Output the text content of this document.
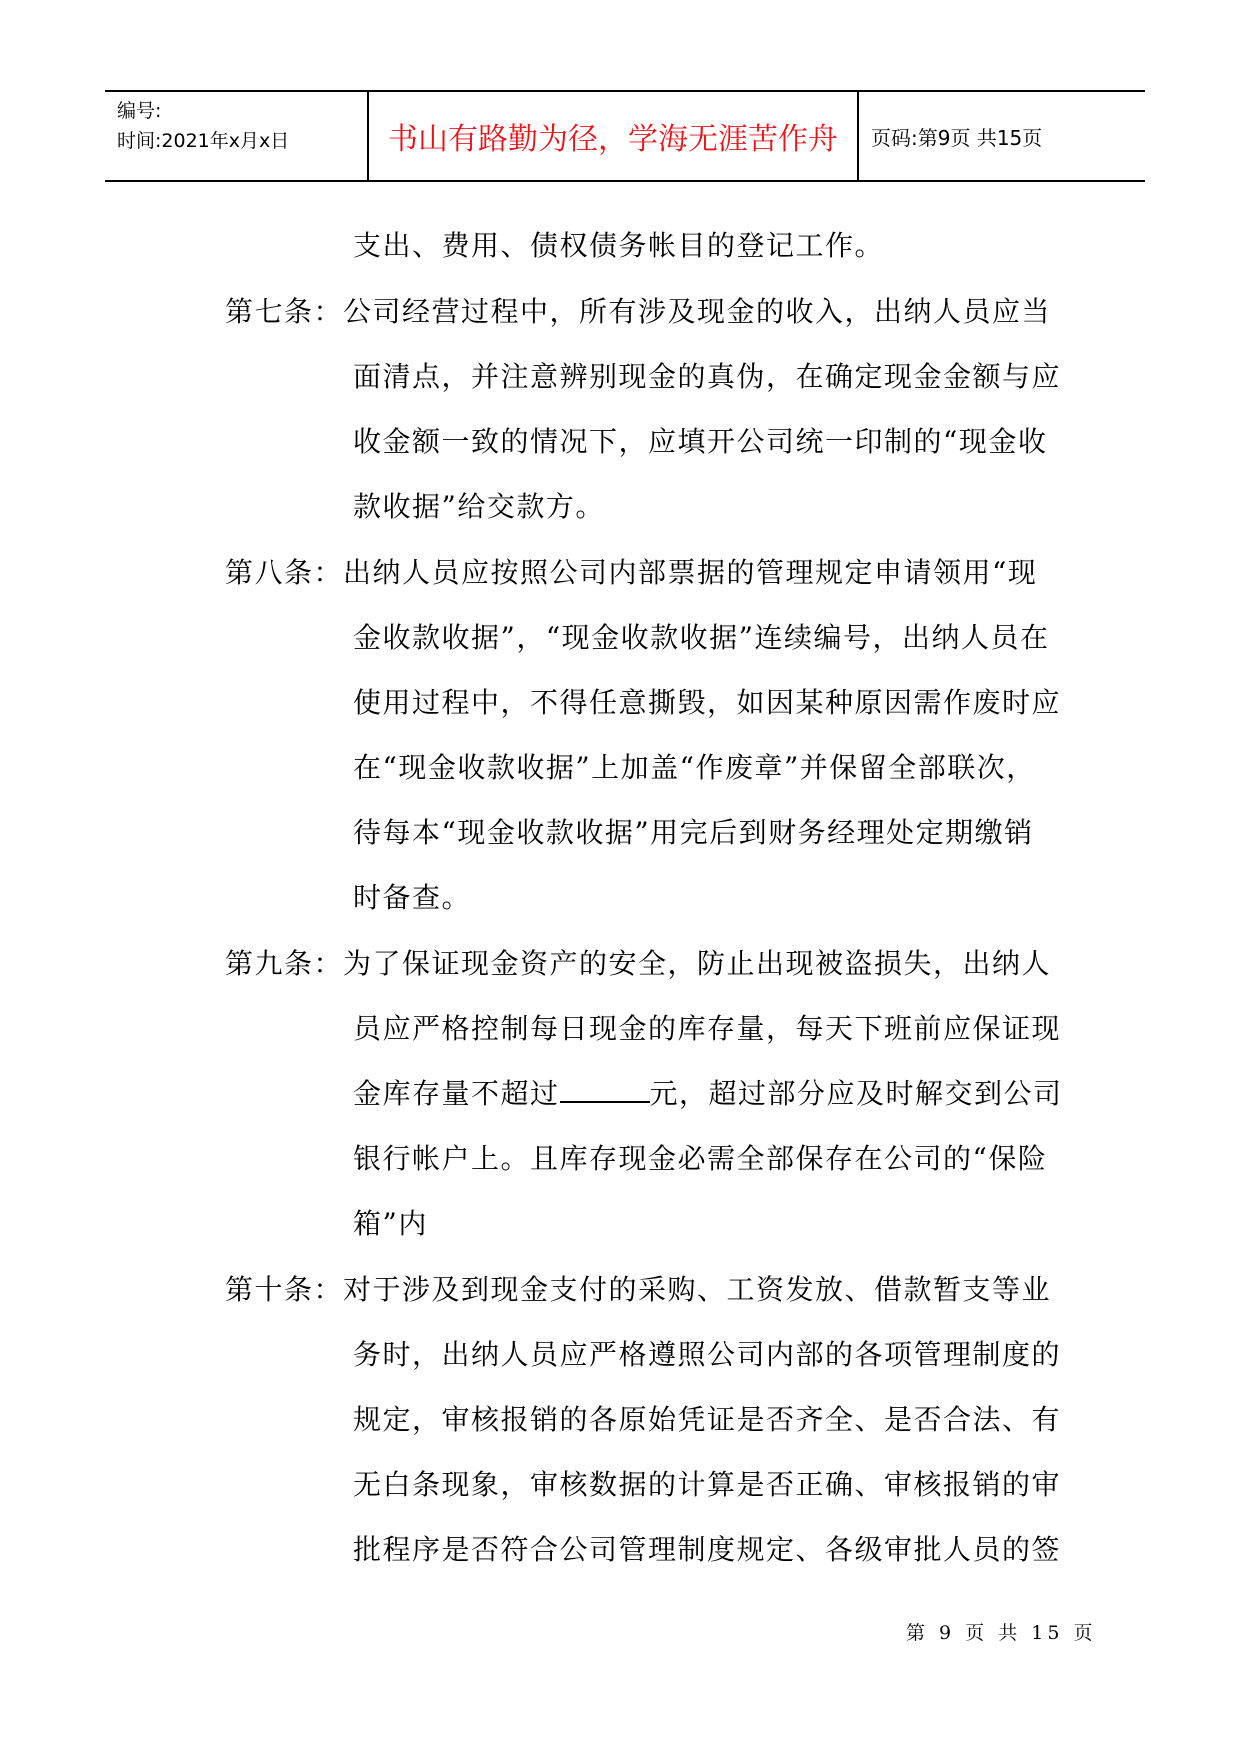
编号:
时间:2021年x月x日	书山有路勤为径，学海无涯苦作舟	页码:第9页 共15页
支出、费用、债权债务帐目的登记工作。
第七条：公司经营过程中，所有涉及现金的收入，出纳人员应当
面清点，并注意辨别现金的真伪，在确定现金金额与应
收金额一致的情况下，应填开公司统一印制的“现金收
款收据”给交款方。
第八条：出纳人员应按照公司内部票据的管理规定申请领用“现
金收款收据”，“现金收款收据”连续编号，出纳人员在
使用过程中，不得任意撕毁，如因某种原因需作废时应
在“现金收款收据”上加盖“作废章”并保留全部联次，
待每本“现金收款收据”用完后到财务经理处定期缴销
时备查。
第九条：为了保证现金资产的安全，防止出现被盗损失，出纳人
员应严格控制每日现金的库存量，每天下班前应保证现
金库存量不超过	元，超过部分应及时解交到公司
银行帐户上。且库存现金必需全部保存在公司的“保险
箱”内
第十条：对于涉及到现金支付的采购、工资发放、借款暂支等业
务时，出纳人员应严格遵照公司内部的各项管理制度的
规定，审核报销的各原始凭证是否齐全、是否合法、有
无白条现象，审核数据的计算是否正确、审核报销的审
批程序是否符合公司管理制度规定、各级审批人员的签
第 9 页 共 15 页
